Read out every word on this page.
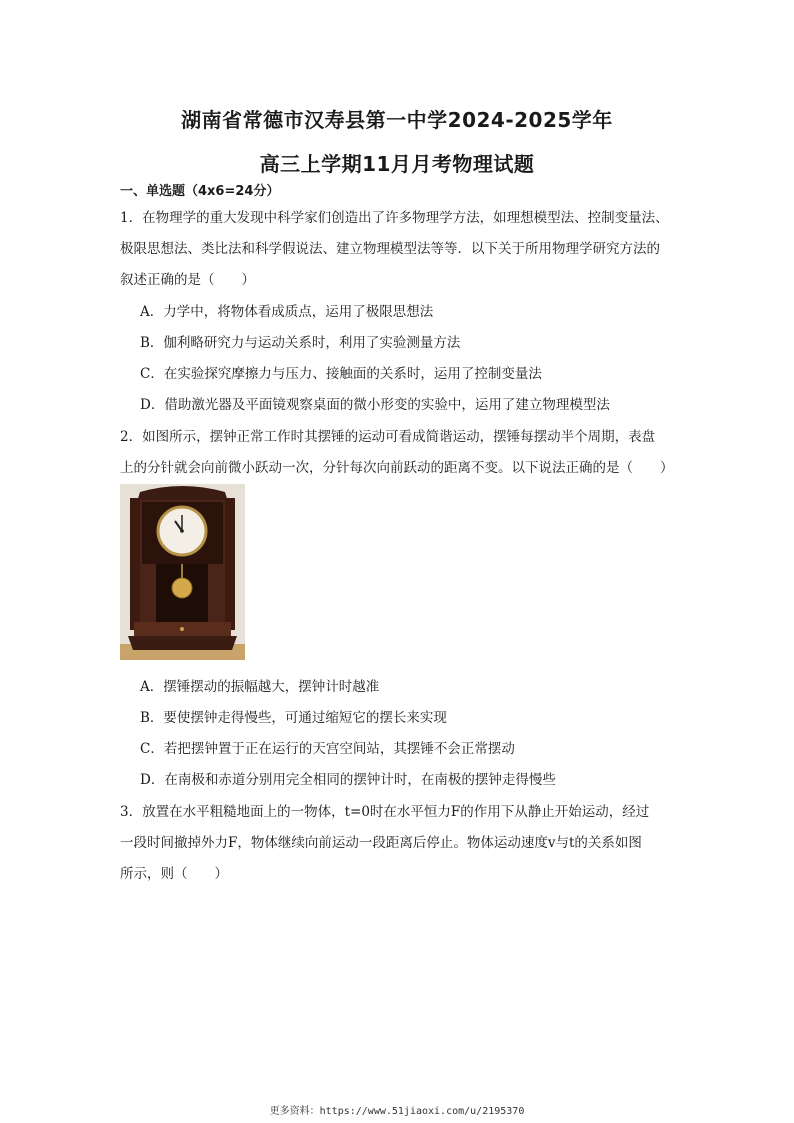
湖南省常德市汉寿县第一中学2024-2025学年
高三上学期11月月考物理试题
一、单选题（4x6=24分）
1．在物理学的重大发现中科学家们创造出了许多物理学方法，如理想模型法、控制变量法、
极限思想法、类比法和科学假说法、建立物理模型法等等．以下关于所用物理学研究方法的
叙述正确的是（　　）
A．力学中，将物体看成质点，运用了极限思想法
B．伽利略研究力与运动关系时，利用了实验测量方法
C．在实验探究摩擦力与压力、接触面的关系时，运用了控制变量法
D．借助激光器及平面镜观察桌面的微小形变的实验中，运用了建立物理模型法
2．如图所示，摆钟正常工作时其摆锤的运动可看成简谐运动，摆锤每摆动半个周期，表盘
上的分针就会向前微小跃动一次，分针每次向前跃动的距离不变。以下说法正确的是（　　）
A．摆锤摆动的振幅越大，摆钟计时越准
B．要使摆钟走得慢些，可通过缩短它的摆长来实现
C．若把摆钟置于正在运行的天宫空间站，其摆锤不会正常摆动
D．在南极和赤道分别用完全相同的摆钟计时，在南极的摆钟走得慢些
3．放置在水平粗糙地面上的一物体，t=0时在水平恒力F的作用下从静止开始运动，经过
一段时间撤掉外力F，物体继续向前运动一段距离后停止。物体运动速度v与t的关系如图
所示，则（　　）
更多资料：https://www.51jiaoxi.com/u/2195370
